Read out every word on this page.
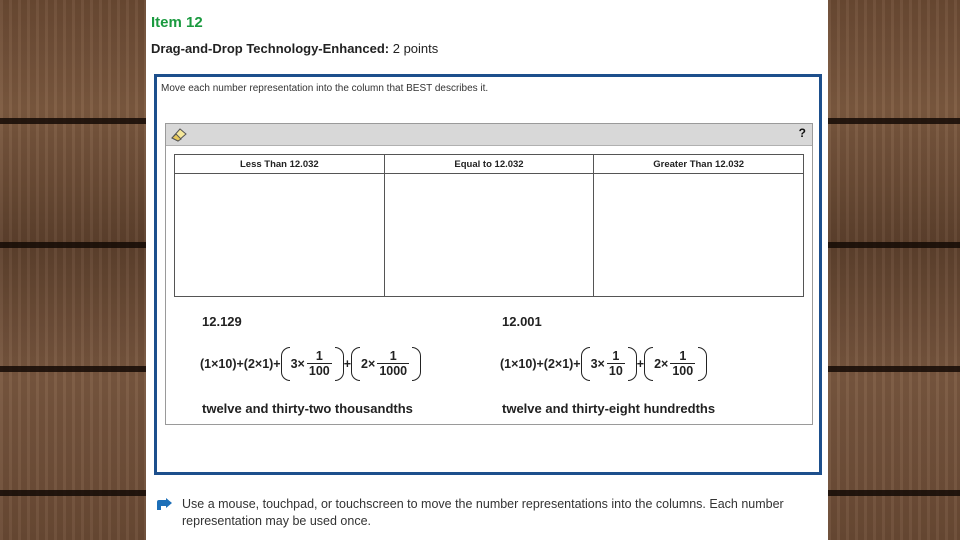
Item 12
Drag-and-Drop Technology-Enhanced: 2 points
Move each number representation into the column that BEST describes it.
?
Less Than 12.032	Equal to 12.032	Greater Than 12.032
12.129	12.001
$(1\times 10)+(2\times 1)+ 3\times \frac{1}{100} + 2\times \frac{1}{1000}$	$(1\times 10)+(2\times 1)+ 3\times \frac{1}{10} + 2\times \frac{1}{100}$
twelve and thirty-two thousandths	twelve and thirty-eight hundredths
Use a mouse, touchpad, or touchscreen to move the number representations into the columns. Each number representation may be used once.
